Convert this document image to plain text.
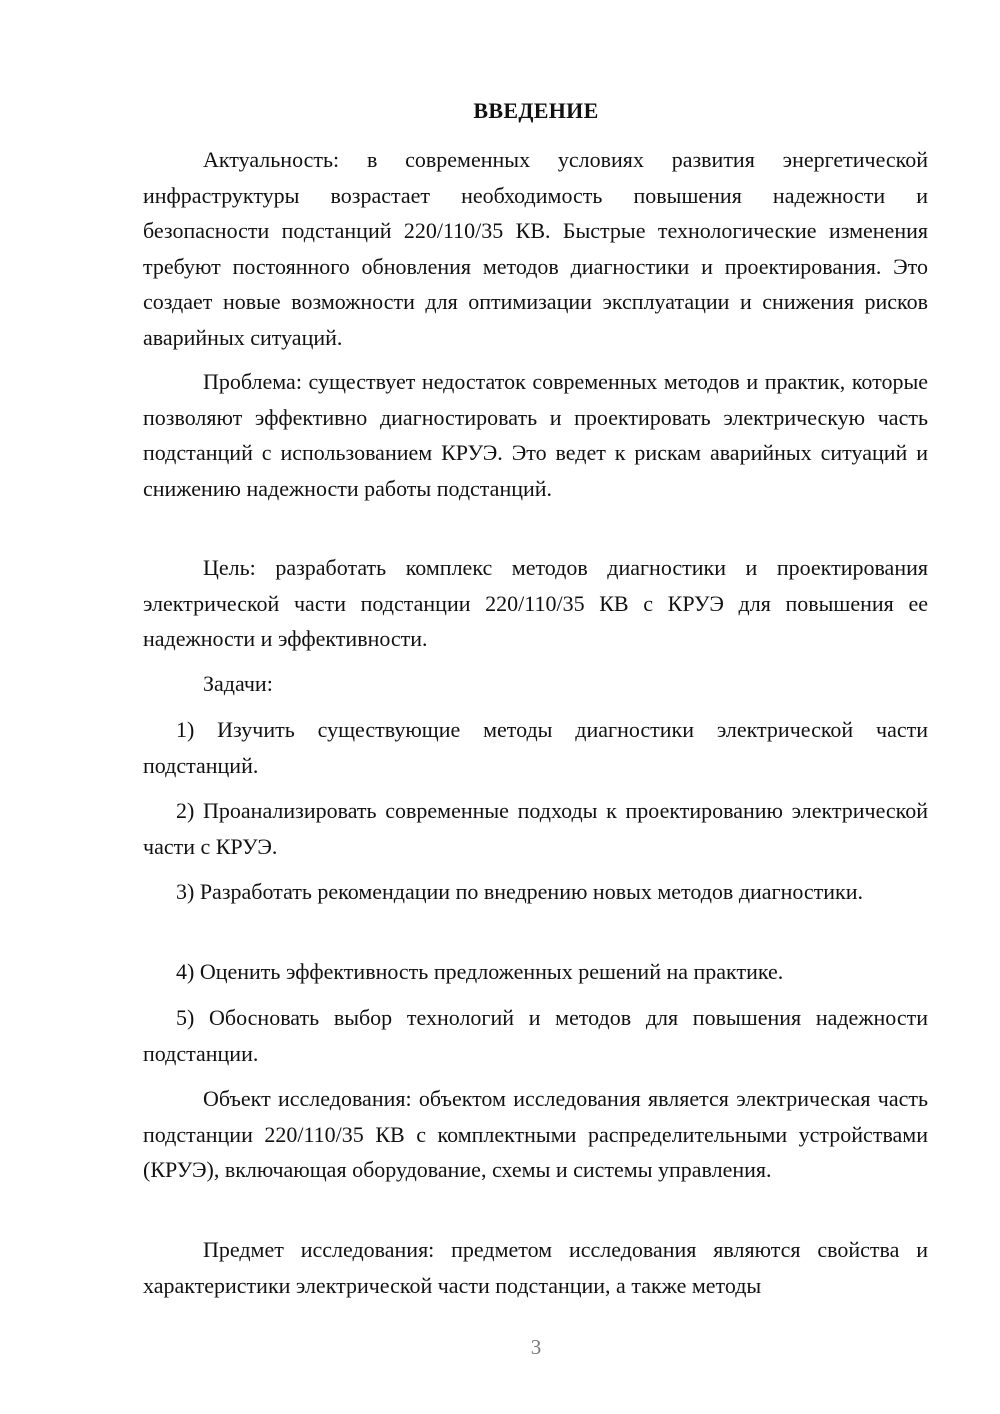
ВВЕДЕНИЕ

Актуальность: в современных условиях развития энергетической инфраструктуры возрастает необходимость повышения надежности и безопасности подстанций 220/110/35 КВ. Быстрые технологические изменения требуют постоянного обновления методов диагностики и проектирования. Это создает новые возможности для оптимизации эксплуатации и снижения рисков аварийных ситуаций.

Проблема: существует недостаток современных методов и практик, которые позволяют эффективно диагностировать и проектировать электрическую часть подстанций с использованием КРУЭ. Это ведет к рискам аварийных ситуаций и снижению надежности работы подстанций.

Цель: разработать комплекс методов диагностики и проектирования электрической части подстанции 220/110/35 КВ с КРУЭ для повышения ее надежности и эффективности.

Задачи:

1) Изучить существующие методы диагностики электрической части подстанций.

2) Проанализировать современные подходы к проектированию электрической части с КРУЭ.

3) Разработать рекомендации по внедрению новых методов диагностики.

4) Оценить эффективность предложенных решений на практике.

5) Обосновать выбор технологий и методов для повышения надежности подстанции.

Объект исследования: объектом исследования является электрическая часть подстанции 220/110/35 КВ с комплектными распределительными устройствами (КРУЭ), включающая оборудование, схемы и системы управления.

Предмет исследования: предметом исследования являются свойства и характеристики электрической части подстанции, а также методы

3
